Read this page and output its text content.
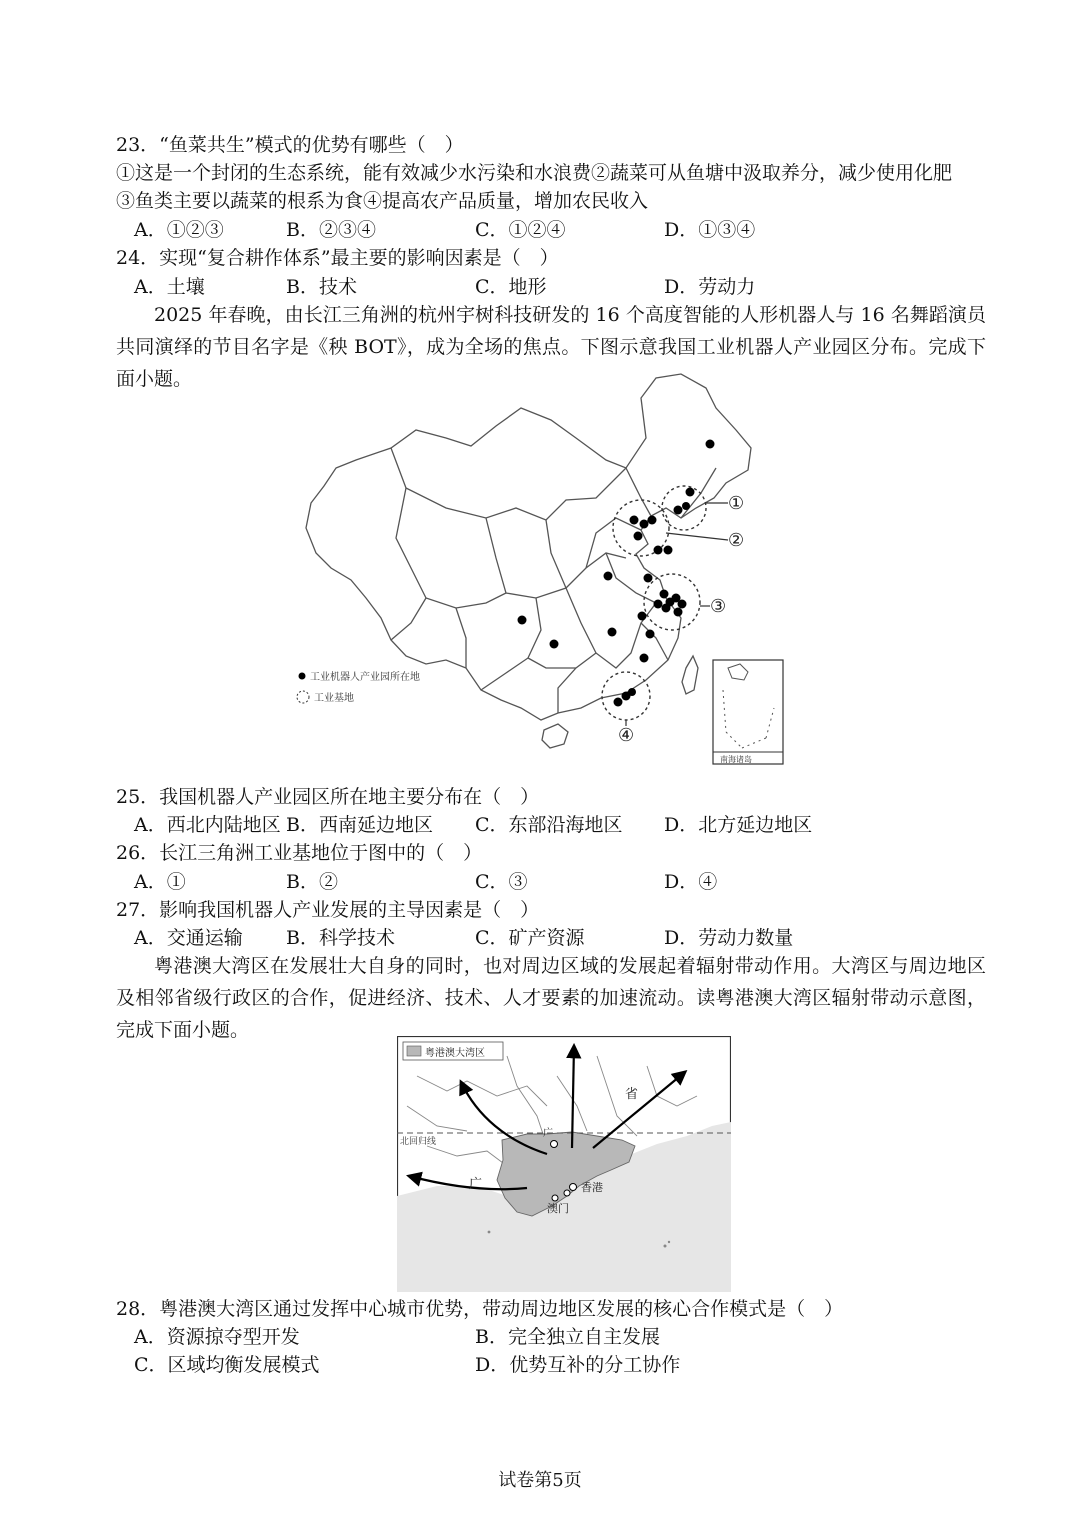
23．“鱼菜共生”模式的优势有哪些（　）
①这是一个封闭的生态系统，能有效减少水污染和水浪费②蔬菜可从鱼塘中汲取养分，减少使用化肥
③鱼类主要以蔬菜的根系为食④提高农产品质量，增加农民收入
A．①②③	B．②③④	C．①②④	D．①③④
24．实现“复合耕作体系”最主要的影响因素是（　）
A．土壤	B．技术	C．地形	D．劳动力

2025 年春晚，由长江三角洲的杭州宇树科技研发的 16 个高度智能的人形机器人与 16 名舞蹈演员共同演绎的节目名字是《秧 BOT》，成为全场的焦点。下图示意我国工业机器人产业园区分布。完成下面小题。

①
②
③
④
工业机器人产业园所在地
工业基地
南海诸岛
25．我国机器人产业园区所在地主要分布在（　）
A．西北内陆地区 B．西南延边地区 C．东部沿海地区 D．北方延边地区
26．长江三角洲工业基地位于图中的（　）
A．①	B．②	C．③	D．④
27．影响我国机器人产业发展的主导因素是（　）
A．交通运输 B．科学技术	C．矿产资源	D．劳动力数量

粤港澳大湾区在发展壮大自身的同时，也对周边区域的发展起着辐射带动作用。大湾区与周边地区及相邻省级行政区的合作，促进经济、技术、人才要素的加速流动。读粤港澳大湾区辐射带动示意图，完成下面小题。

北回归线
粤港澳大湾区
省
广
广
香港
澳门
28．粤港澳大湾区通过发挥中心城市优势，带动周边地区发展的核心合作模式是（　）
A．资源掠夺型开发	B．完全独立自主发展
C．区域均衡发展模式	D．优势互补的分工协作
试卷第5页
